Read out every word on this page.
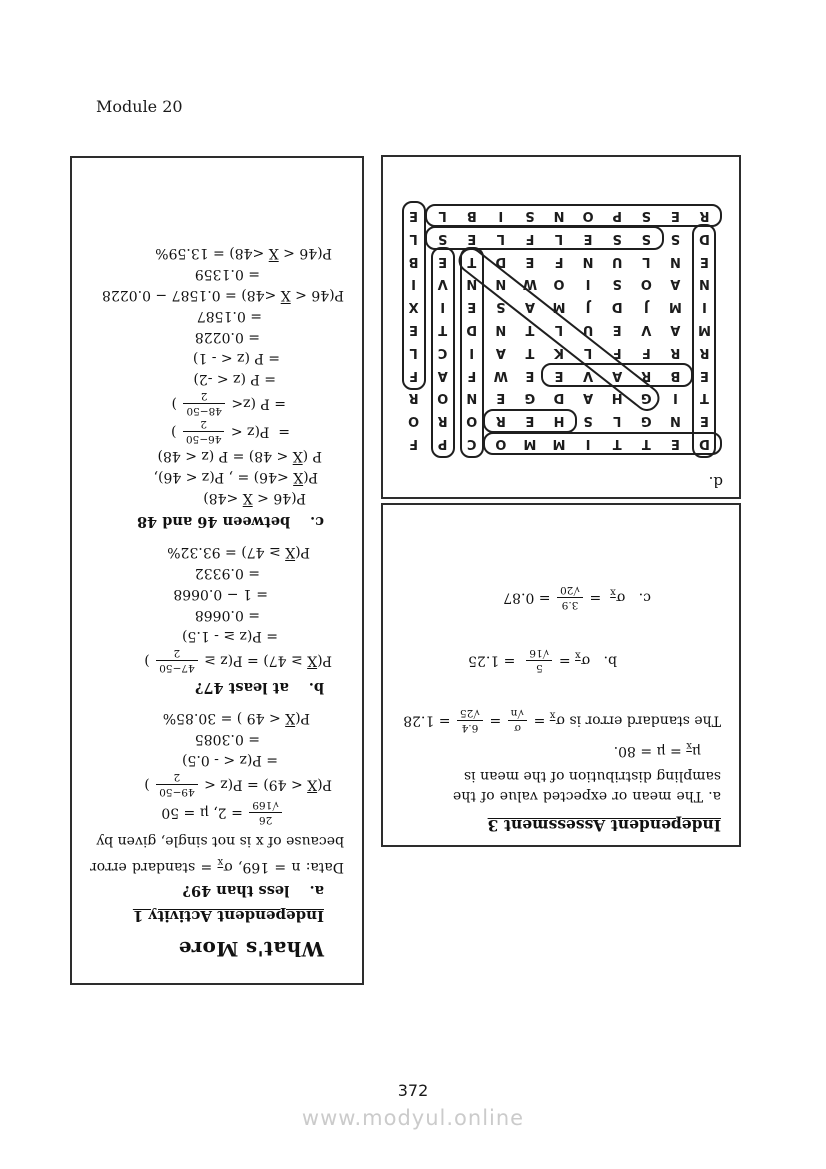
Module 20
What's More
Independent Activity 1
a.less than 49?
Data: n = 169, $\sigma_{\overline{x}}$ = standard error because of x is not single, given by
26
√169
= 2, μ = 50
$P(\overline{X} < 49) = P(z$ <
49−50
2
)
= P(z < - 0.5)
= 0.3085
$P(\overline{X} < 49$ ) = 30.85%
b.at least 47?
$P(\overline{X} \ge 47) = P(z$ ≥
47−50
2
)
= P(z ≥ - 1.5)
= 0.0668
= 1 − 0.0668
= 0.9332
$P(\overline{X} \ge 47) = 93.32\%$
c.between 46 and 48
$P(46 < \overline{X} <48)$
$P(\overline{X} <46)$ = , P(z < 46),
P $(\overline{X} < 48) = P$ (z < 48)
=  P(z <
46−50
2
)
= P (z<
48−50
2
)
= P (z < -2)
= P (z < - 1)
= 0.0228
= 0.1587
$P(46 < \overline{X} <48) = 0.1587 - 0.0228$
= 0.1359
$P(46 < \overline{X} <48) = 13.59\%$
d.
D
E
T
T
I
M
M
O
C
P
F
E
N
G
L
S
H
E
R
O
R
O
T
I
G
H
A
D
G
E
N
O
R
E
B
R
A
V
E
E
W
F
A
F
R
R
F
F
L
K
T
A
I
C
L
M
A
V
E
U
L
T
N
D
T
E
I
M
J
D
J
M
A
S
E
I
X
N
A
O
S
I
O
W
N
N
V
I
E
N
L
U
N
F
E
D
T
E
B
D
S
S
S
E
L
F
L
E
S
L
R
E
S
P
O
N
S
I
B
L
E
Independent Assessment 3
a. The mean or expected value of the sampling distribution of the mean is
$\mu_{\overline{x}} = \mu = 80$.
The standard error is $\sigma_{\overline{x}}$ =
σ
√n
=
6.4
√25
= 1.28
b.   $\sigma_{\overline{x}}$ =
5
√16
= 1.25
c.   $\sigma_{\overline{x}}$  =
3.9
√20
= 0.87
372
www.modyul.online
